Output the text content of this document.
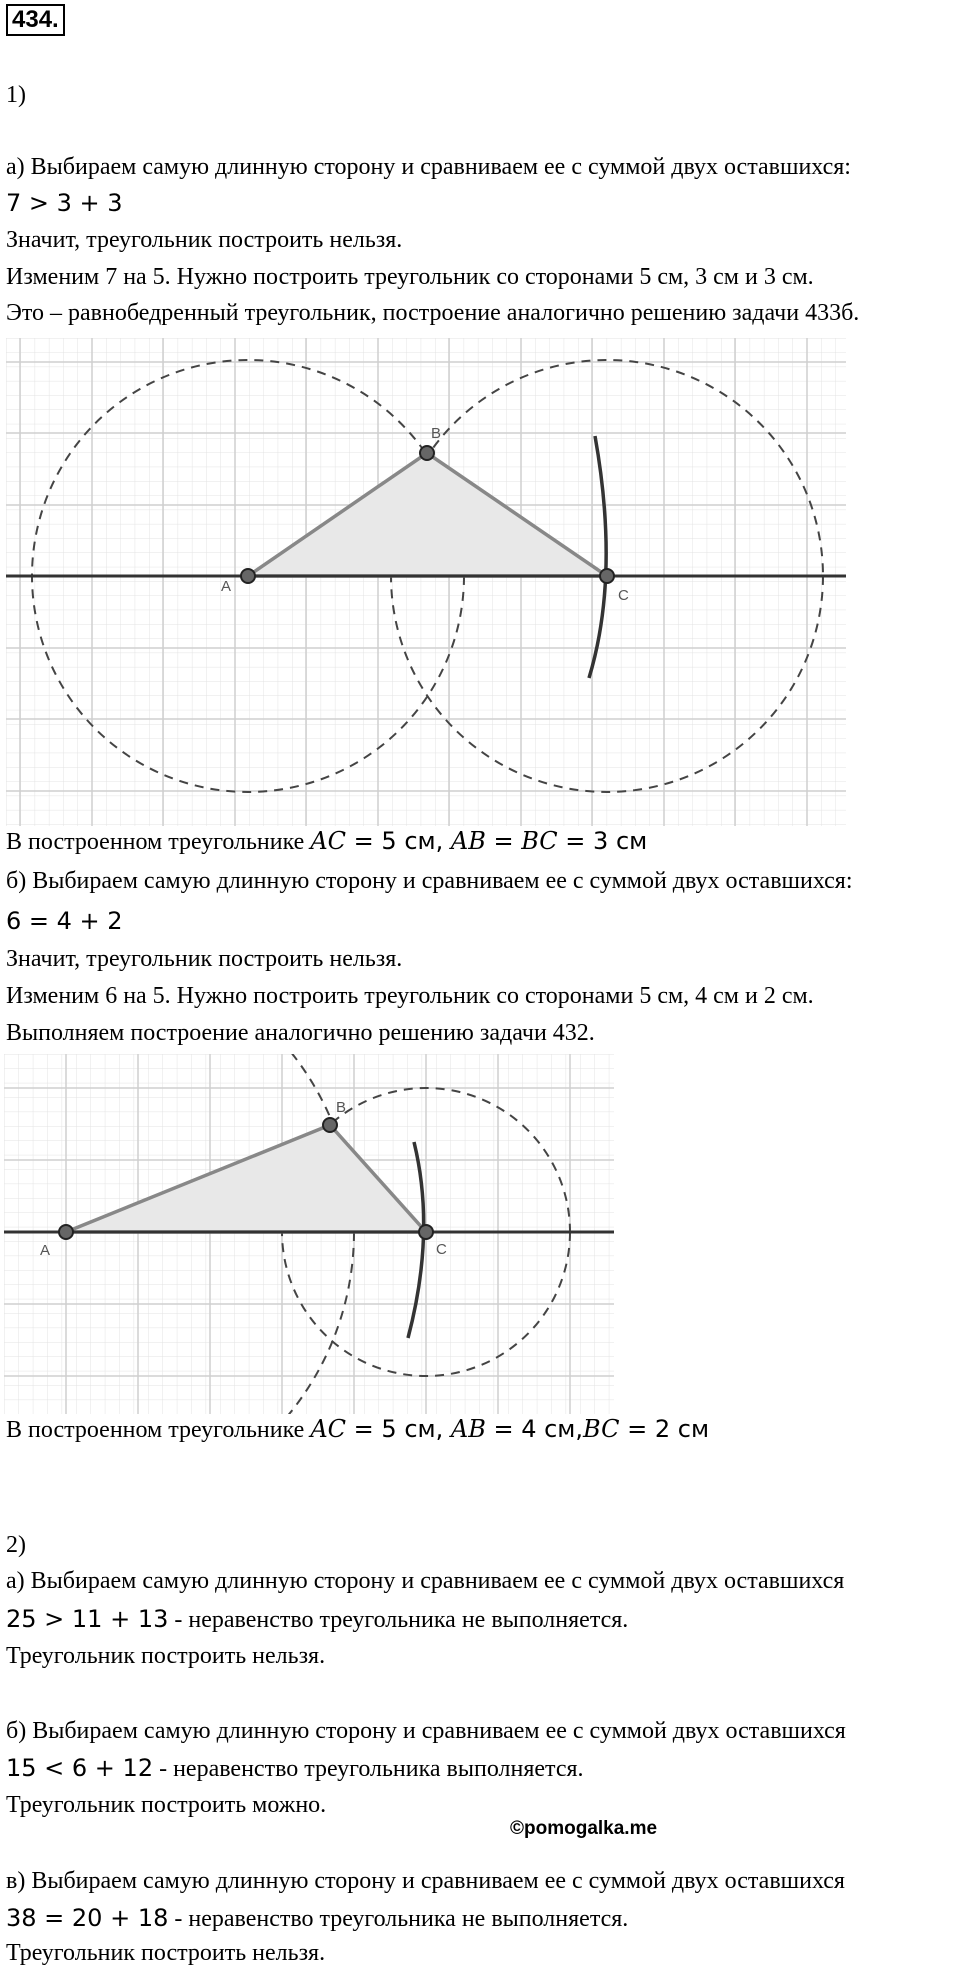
434.
1)
а) Выбираем самую длинную сторону и сравниваем ее с суммой двух оставшихся:
7 > 3 + 3
Значит, треугольник построить нельзя.
Изменим 7 на 5. Нужно построить треугольник со сторонами 5 см, 3 см и 3 см.
Это – равнобедренный треугольник, построение аналогично решению задачи 433б.
A
B
C
В построенном треугольнике AC = 5 см, AB = BC = 3 см
б) Выбираем самую длинную сторону и сравниваем ее с суммой двух оставшихся:
6 = 4 + 2
Значит, треугольник построить нельзя.
Изменим 6 на 5. Нужно построить треугольник со сторонами 5 см, 4 см и 2 см.
Выполняем построение аналогично решению задачи 432.
A
B
C
В построенном треугольнике AC = 5 см, AB = 4 см,BC = 2 см
2)
а) Выбираем самую длинную сторону и сравниваем ее с суммой двух оставшихся
25 > 11 + 13 - неравенство треугольника не выполняется.
Треугольник построить нельзя.
б) Выбираем самую длинную сторону и сравниваем ее с суммой двух оставшихся
15 < 6 + 12 - неравенство треугольника выполняется.
Треугольник построить можно.
©pomogalka.me
в) Выбираем самую длинную сторону и сравниваем ее с суммой двух оставшихся
38 = 20 + 18 - неравенство треугольника не выполняется.
Треугольник построить нельзя.
